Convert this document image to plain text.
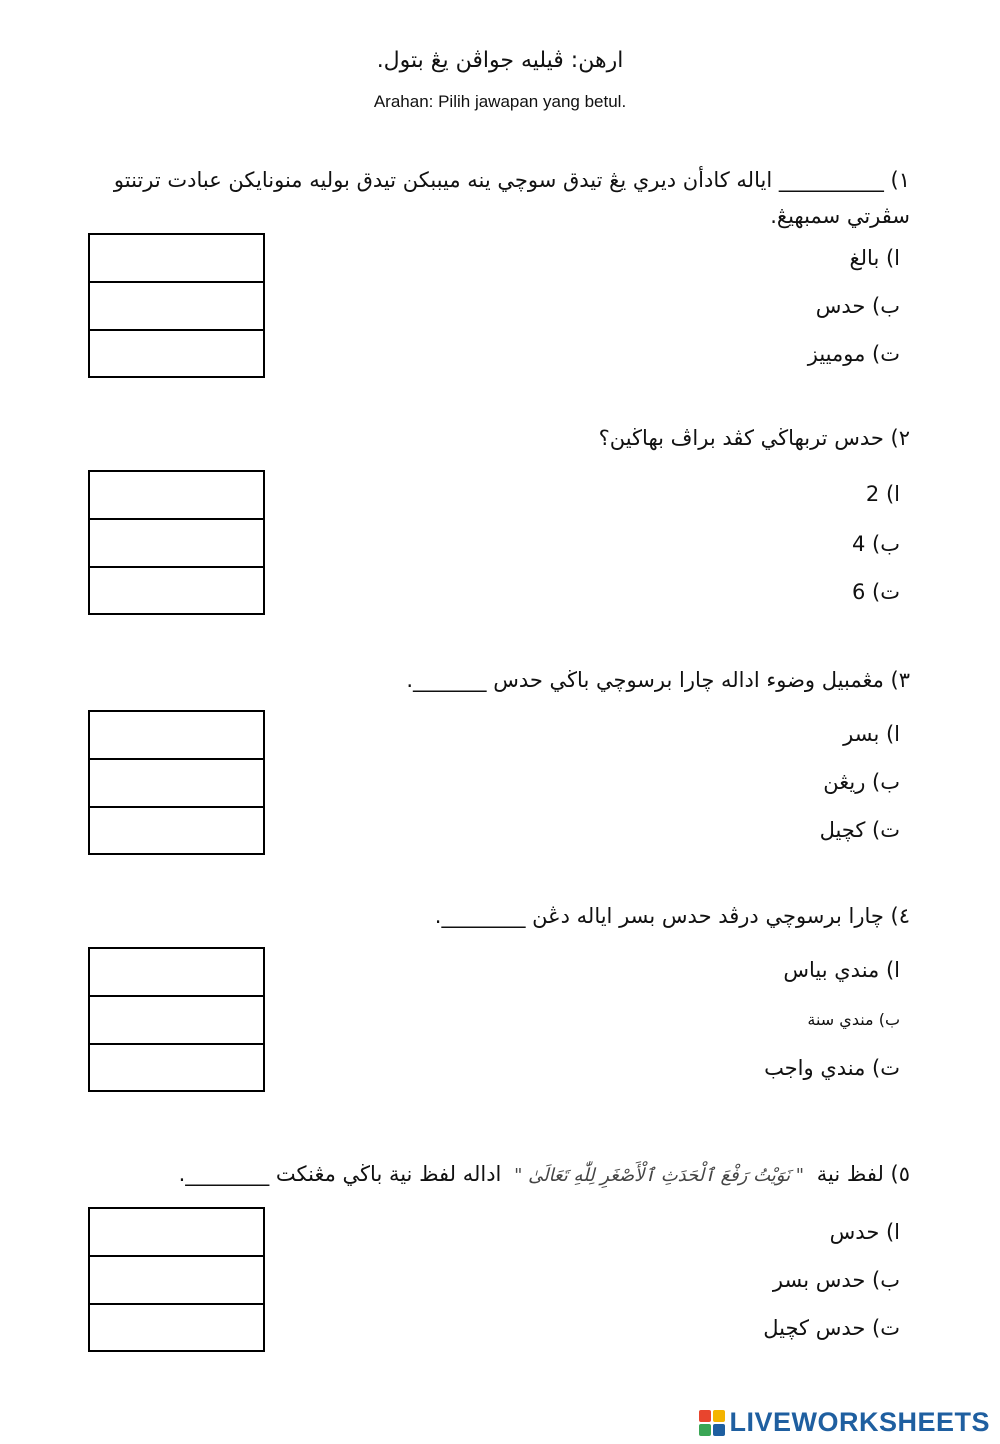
ارهن: ڤيليه جواڤن يڠ بتول.
Arahan: Pilih jawapan yang betul.
١) __________ اياله كادأن ديري يڠ تيدق سوچي ينه ميببكن تيدق بوليه منونايكن عبادت ترتنتو سڤرتي سمبهيڠ.
ا) بالغ
ب) حدس
ت) مومييز
٢) حدس تربهاڬي كڤد براڤ بهاڬين؟
ا) 2
ب) 4
ت) 6
٣) مڠمبيل وضوء اداله چارا برسوچي باڬي حدس _______.
ا) بسر
ب) ريڠن
ت) كچيل
٤) چارا برسوچي درڤد حدس بسر اياله دڠن ________.
ا) مندي بياس
ب) مندي سنة
ت) مندي واجب
٥) لفظ نية " نَوَيْتُ رَفْعَ ٱلْحَدَثِ ٱلْأَصْغَرِ لِلّٰهِ تَعَالَىٰ " اداله لفظ نية باڬي مڠنكت ________.
ا) حدس
ب) حدس بسر
ت) حدس كچيل
LIVEWORKSHEETS
